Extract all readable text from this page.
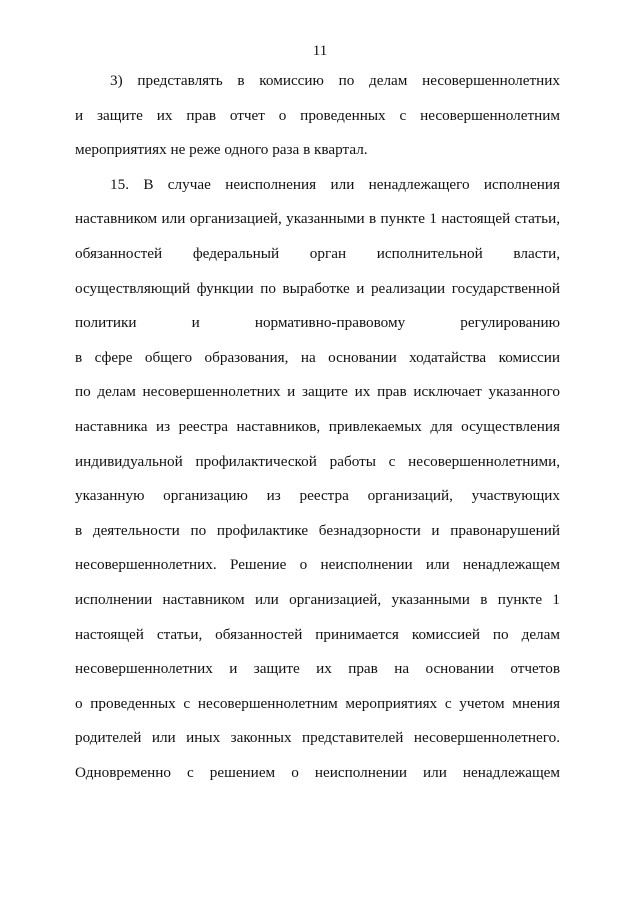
11
3) представлять в комиссию по делам несовершеннолетних
и защите их прав отчет о проведенных с несовершеннолетним
мероприятиях не реже одного раза в квартал.
15. В случае неисполнения или ненадлежащего исполнения
наставником или организацией, указанными в пункте 1 настоящей статьи,
обязанностей федеральный орган исполнительной власти,
осуществляющий функции по выработке и реализации государственной
политики и нормативно-правовому регулированию
в сфере общего образования, на основании ходатайства комиссии
по делам несовершеннолетних и защите их прав исключает указанного
наставника из реестра наставников, привлекаемых для осуществления
индивидуальной профилактической работы с несовершеннолетними,
указанную организацию из реестра организаций, участвующих
в деятельности по профилактике безнадзорности и правонарушений
несовершеннолетних. Решение о неисполнении или ненадлежащем
исполнении наставником или организацией, указанными в пункте 1
настоящей статьи, обязанностей принимается комиссией по делам
несовершеннолетних и защите их прав на основании отчетов
о проведенных с несовершеннолетним мероприятиях с учетом мнения
родителей или иных законных представителей несовершеннолетнего.
Одновременно с решением о неисполнении или ненадлежащем
